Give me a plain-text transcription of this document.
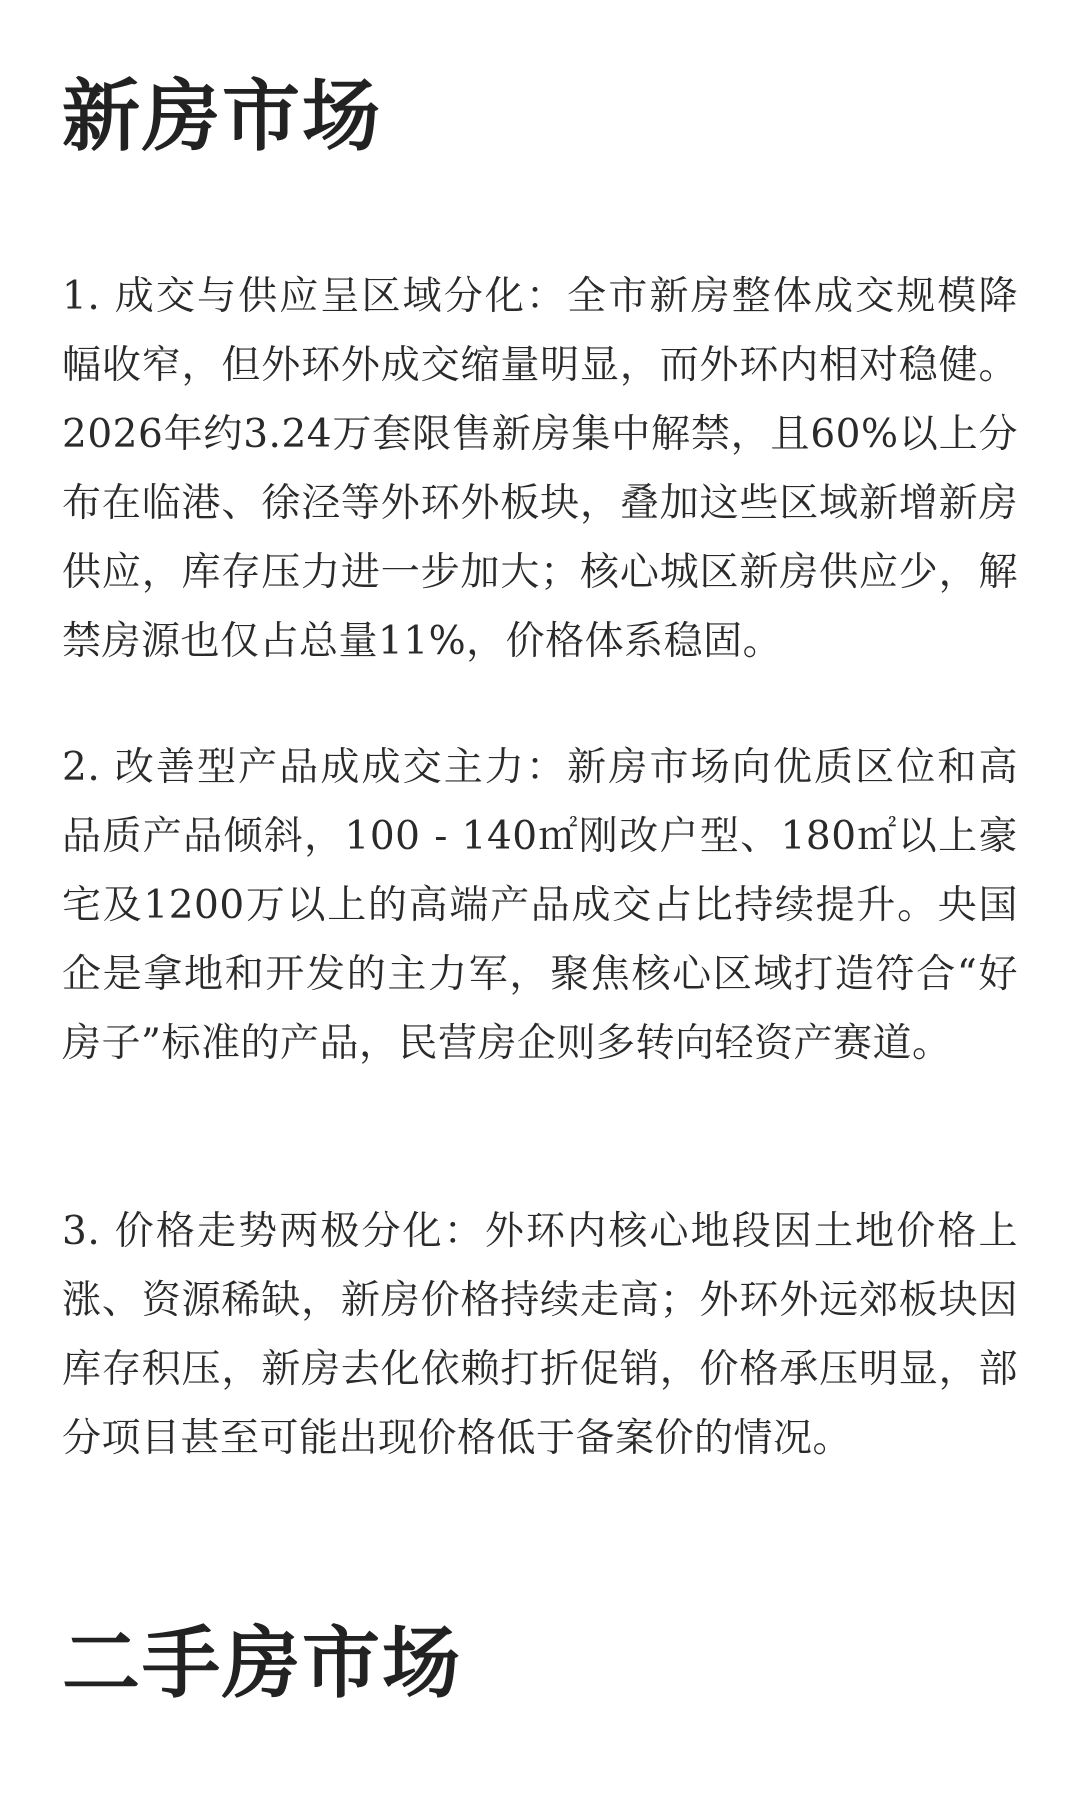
新房市场

1. 成交与供应呈区域分化：全市新房整体成交规模降幅收窄，但外环外成交缩量明显，而外环内相对稳健。2026年约3.24万套限售新房集中解禁，且60%以上分布在临港、徐泾等外环外板块，叠加这些区域新增新房供应，库存压力进一步加大；核心城区新房供应少，解禁房源也仅占总量11%，价格体系稳固。

2. 改善型产品成成交主力：新房市场向优质区位和高品质产品倾斜，100 - 140㎡刚改户型、180㎡以上豪宅及1200万以上的高端产品成交占比持续提升。央国企是拿地和开发的主力军，聚焦核心区域打造符合“好房子”标准的产品，民营房企则多转向轻资产赛道。

3. 价格走势两极分化：外环内核心地段因土地价格上涨、资源稀缺，新房价格持续走高；外环外远郊板块因库存积压，新房去化依赖打折促销，价格承压明显，部分项目甚至可能出现价格低于备案价的情况。

二手房市场
